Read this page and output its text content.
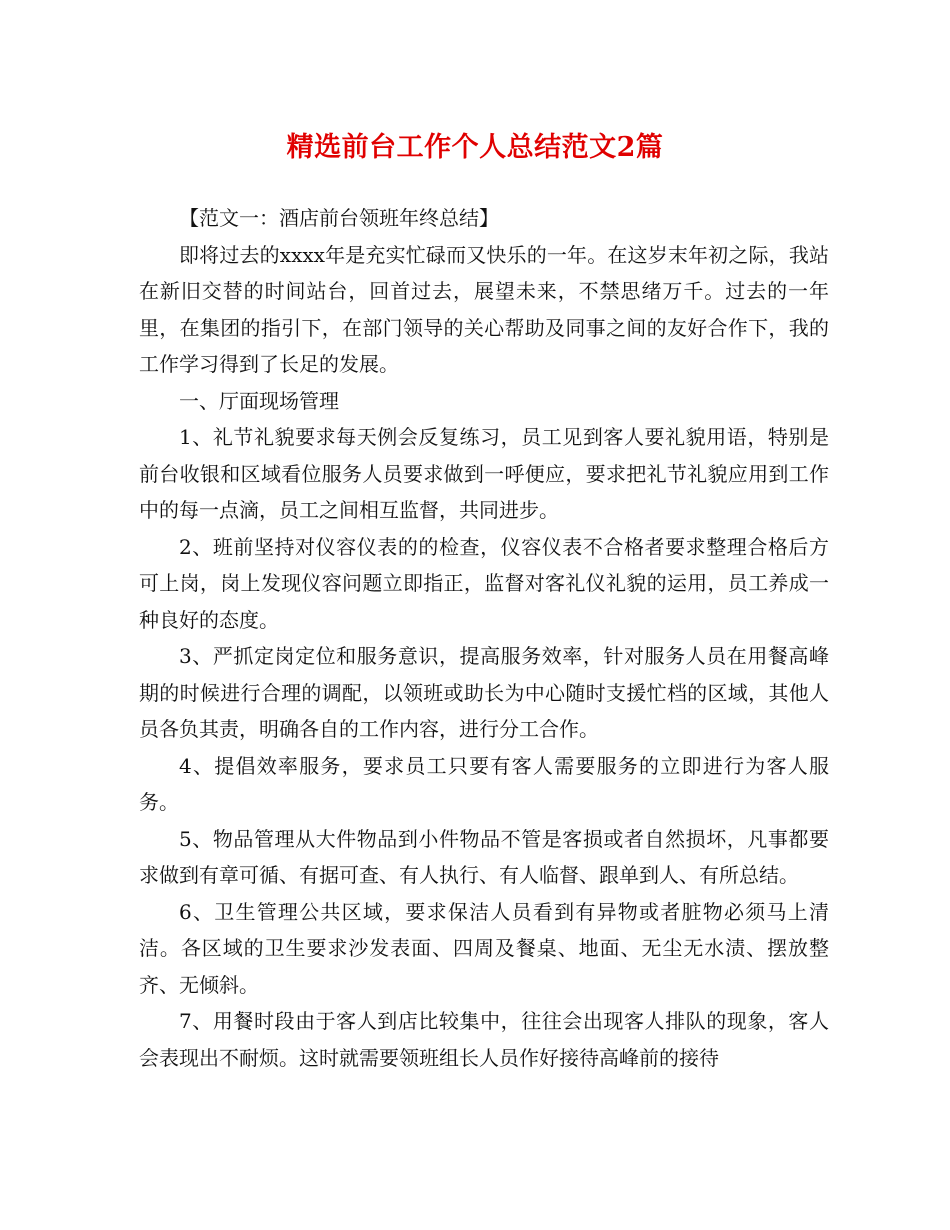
精选前台工作个人总结范文2篇

【范文一：酒店前台领班年终总结】

即将过去的xxxx年是充实忙碌而又快乐的一年。在这岁末年初之际，我站在新旧交替的时间站台，回首过去，展望未来，不禁思绪万千。过去的一年里，在集团的指引下，在部门领导的关心帮助及同事之间的友好合作下，我的工作学习得到了长足的发展。

一、厅面现场管理

1、礼节礼貌要求每天例会反复练习，员工见到客人要礼貌用语，特别是前台收银和区域看位服务人员要求做到一呼便应，要求把礼节礼貌应用到工作中的每一点滴，员工之间相互监督，共同进步。

2、班前坚持对仪容仪表的的检查，仪容仪表不合格者要求整理合格后方可上岗，岗上发现仪容问题立即指正，监督对客礼仪礼貌的运用，员工养成一种良好的态度。

3、严抓定岗定位和服务意识，提高服务效率，针对服务人员在用餐高峰期的时候进行合理的调配，以领班或助长为中心随时支援忙档的区域，其他人员各负其责，明确各自的工作内容，进行分工合作。

4、提倡效率服务，要求员工只要有客人需要服务的立即进行为客人服务。

5、物品管理从大件物品到小件物品不管是客损或者自然损坏，凡事都要求做到有章可循、有据可查、有人执行、有人临督、跟单到人、有所总结。

6、卫生管理公共区域，要求保洁人员看到有异物或者脏物必须马上清洁。各区域的卫生要求沙发表面、四周及餐桌、地面、无尘无水渍、摆放整齐、无倾斜。

7、用餐时段由于客人到店比较集中，往往会出现客人排队的现象，客人会表现出不耐烦。这时就需要领班组长人员作好接待高峰前的接待
